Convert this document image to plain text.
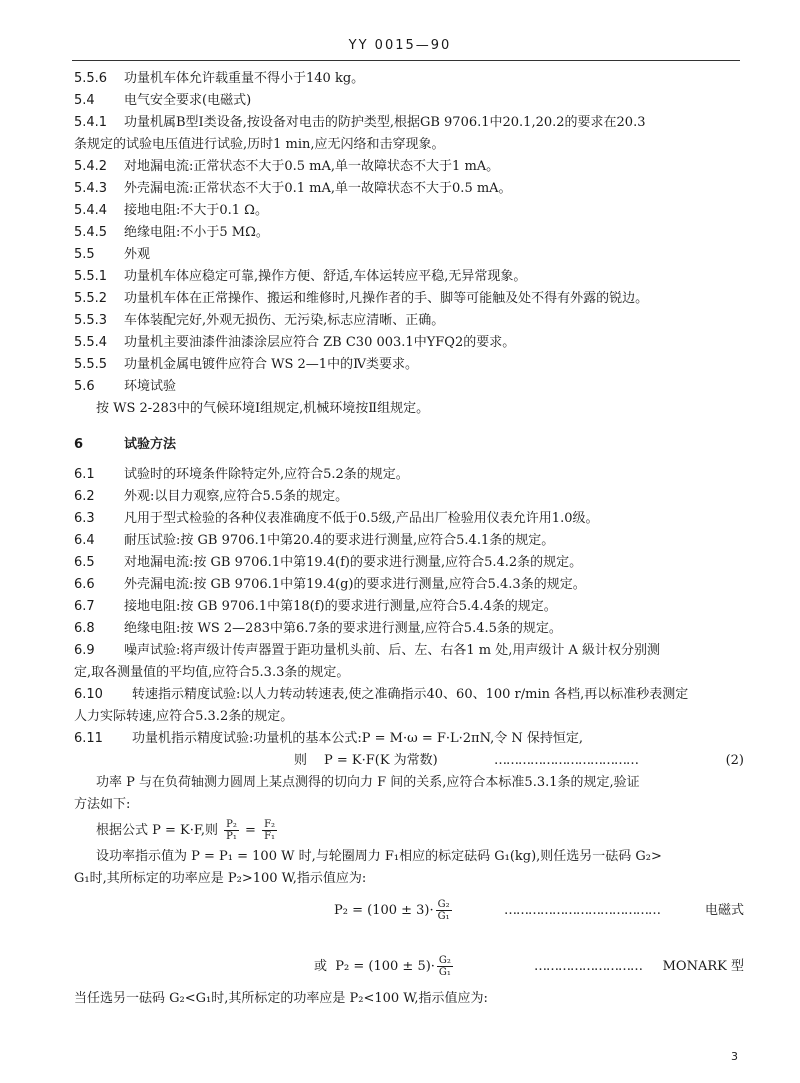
YY 0015—90
5.5.6 功量机车体允许载重量不得小于140 kg。
5.4 电气安全要求(电磁式)
5.4.1 功量机属B型Ⅰ类设备,按设备对电击的防护类型,根据GB 9706.1中20.1,20.2的要求在20.3
条规定的试验电压值进行试验,历时1 min,应无闪络和击穿现象。
5.4.2 对地漏电流:正常状态不大于0.5 mA,单一故障状态不大于1 mA。
5.4.3 外壳漏电流:正常状态不大于0.1 mA,单一故障状态不大于0.5 mA。
5.4.4 接地电阻:不大于0.1 Ω。
5.4.5 绝缘电阻:不小于5 MΩ。
5.5 外观
5.5.1 功量机车体应稳定可靠,操作方便、舒适,车体运转应平稳,无异常现象。
5.5.2 功量机车体在正常操作、搬运和维修时,凡操作者的手、脚等可能触及处不得有外露的锐边。
5.5.3 车体装配完好,外观无损伤、无污染,标志应清晰、正确。
5.5.4 功量机主要油漆件油漆涂层应符合 ZB C30 003.1中YFQ2的要求。
5.5.5 功量机金属电镀件应符合 WS 2—1中的Ⅳ类要求。
5.6 环境试验
按 WS 2-283中的气候环境Ⅰ组规定,机械环境按Ⅱ组规定。
6	试验方法
6.1 试验时的环境条件除特定外,应符合5.2条的规定。
6.2 外观:以目力观察,应符合5.5条的规定。
6.3 凡用于型式检验的各种仪表准确度不低于0.5级,产品出厂检验用仪表允许用1.0级。
6.4 耐压试验:按 GB 9706.1中第20.4的要求进行测量,应符合5.4.1条的规定。
6.5 对地漏电流:按 GB 9706.1中第19.4(f)的要求进行测量,应符合5.4.2条的规定。
6.6 外壳漏电流:按 GB 9706.1中第19.4(g)的要求进行测量,应符合5.4.3条的规定。
6.7 接地电阻:按 GB 9706.1中第18(f)的要求进行测量,应符合5.4.4条的规定。
6.8 绝缘电阻:按 WS 2—283中第6.7条的要求进行测量,应符合5.4.5条的规定。
6.9 噪声试验:将声级计传声器置于距功量机头前、后、左、右各1 m 处,用声级计 A 級计权分别测
定,取各测量值的平均值,应符合5.3.3条的规定。
6.10 转速指示精度试验:以人力转动转速表,使之准确指示40、60、100 r/min 各档,再以标准秒表测定
人力实际转速,应符合5.3.2条的规定。
6.11 功量机指示精度试验:功量机的基本公式:P = M·ω = F·L·2πN,令 N 保持恒定,
则 P = K·F(K 为常数)	………………………………	(2)
功率 P 与在负荷轴测力圆周上某点测得的切向力 F 间的关系,应符合本标准5.3.1条的规定,验证
方法如下:
根据公式 P = K·F,则 $\frac{\text{P₂}}{\text{P₁}} = \frac{\text{F₂}}{\text{F₁}}$
设功率指示值为 P = P₁ = 100 W 时,与轮圈周力 F₁相应的标定砝码 G₁(kg),则任选另一砝码 G₂>
G₁时,其所标定的功率应是 P₂>100 W,指示值应为:
$P_2 = (100 \pm 3)\cdot \frac{\text{G₂}}{\text{G₁}}$	…………………………………	电磁式
或 $P_2 = (100 \pm 5)\cdot \frac{\text{G₂}}{\text{G₁}}$	……………………… MONARK 型
当任选另一砝码 G₂<G₁时,其所标定的功率应是 P₂<100 W,指示值应为:
3
